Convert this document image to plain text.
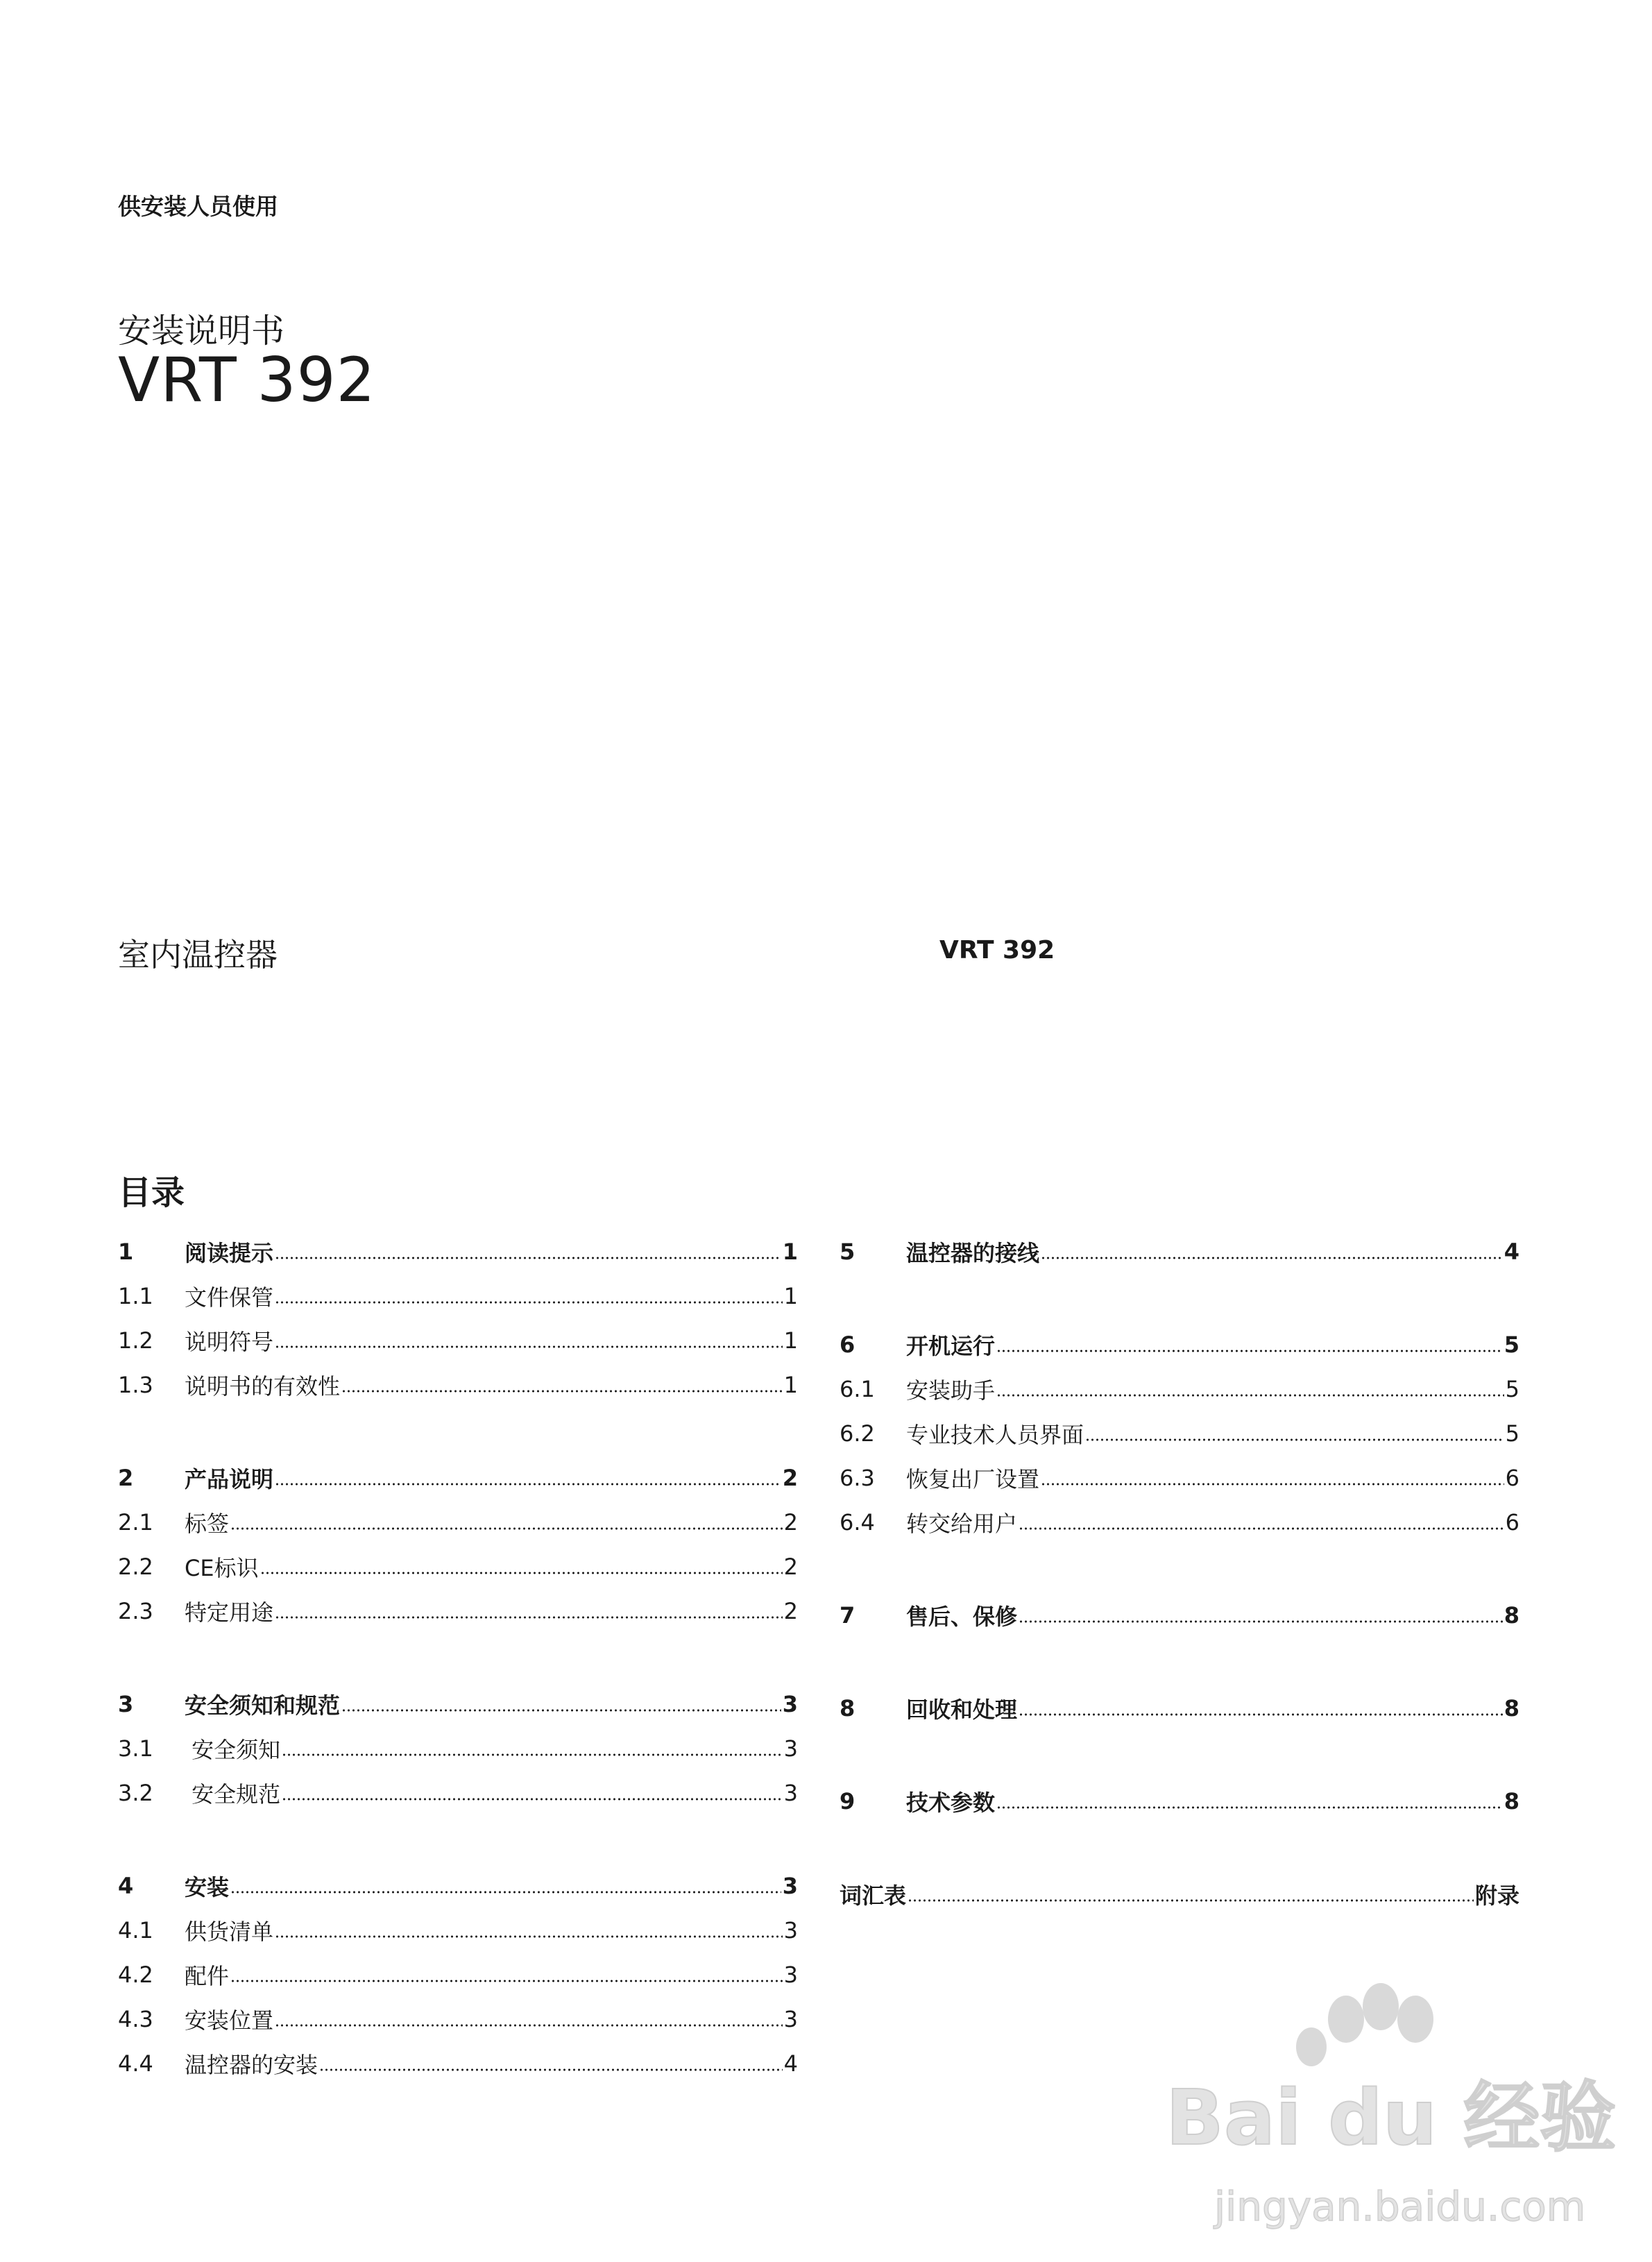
供安装人员使用
安装说明书
VRT 392
室内温控器	VRT 392
目录
1	阅读提示	1
1.1	文件保管	1
1.2	说明符号	1
1.3	说明书的有效性	1
2	产品说明	2
2.1	标签	2
2.2	CE标识	2
2.3	特定用途	2
3	安全须知和规范	3
3.1	安全须知	3
3.2	安全规范	3
4	安装	3
4.1	供货清单	3
4.2	配件	3
4.3	安装位置	3
4.4	温控器的安装	4
5	温控器的接线	4
6	开机运行	5
6.1	安装助手	5
6.2	专业技术人员界面	5
6.3	恢复出厂设置	6
6.4	转交给用户	6
7	售后、保修	8
8	回收和处理	8
9	技术参数	8
词汇表	附录
Bai du 经验
jingyan.baidu.com
